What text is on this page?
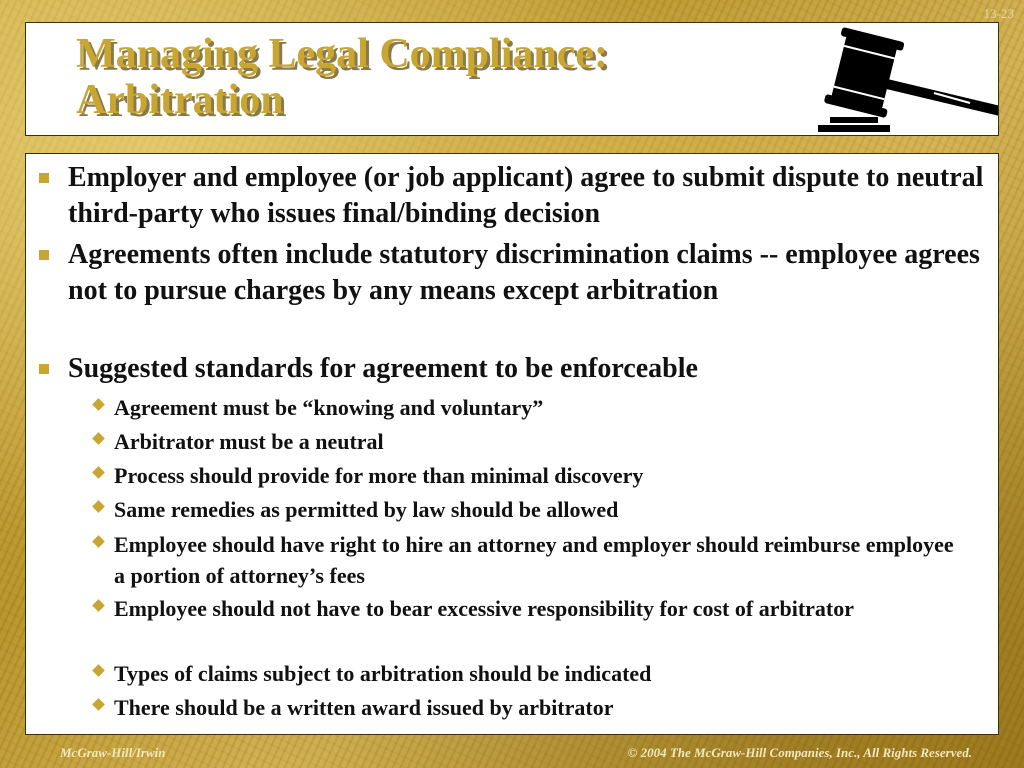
13-23
Managing Legal Compliance:
Arbitration
Employer and employee (or job applicant) agree to submit dispute to neutral third-party who issues final/binding decision
Agreements often include statutory discrimination claims -- employee agrees not to pursue charges by any means except arbitration
Suggested standards for agreement to be enforceable
Agreement must be “knowing and voluntary”
Arbitrator must be a neutral
Process should provide for more than minimal discovery
Same remedies as permitted by law should be allowed
Employee should have right to hire an attorney and employer should reimburse employee a portion of attorney’s fees
Employee should not have to bear excessive responsibility for cost of arbitrator
Types of claims subject to arbitration should be indicated
There should be a written award issued by arbitrator
McGraw-Hill/Irwin	© 2004 The McGraw-Hill Companies, Inc., All Rights Reserved.
